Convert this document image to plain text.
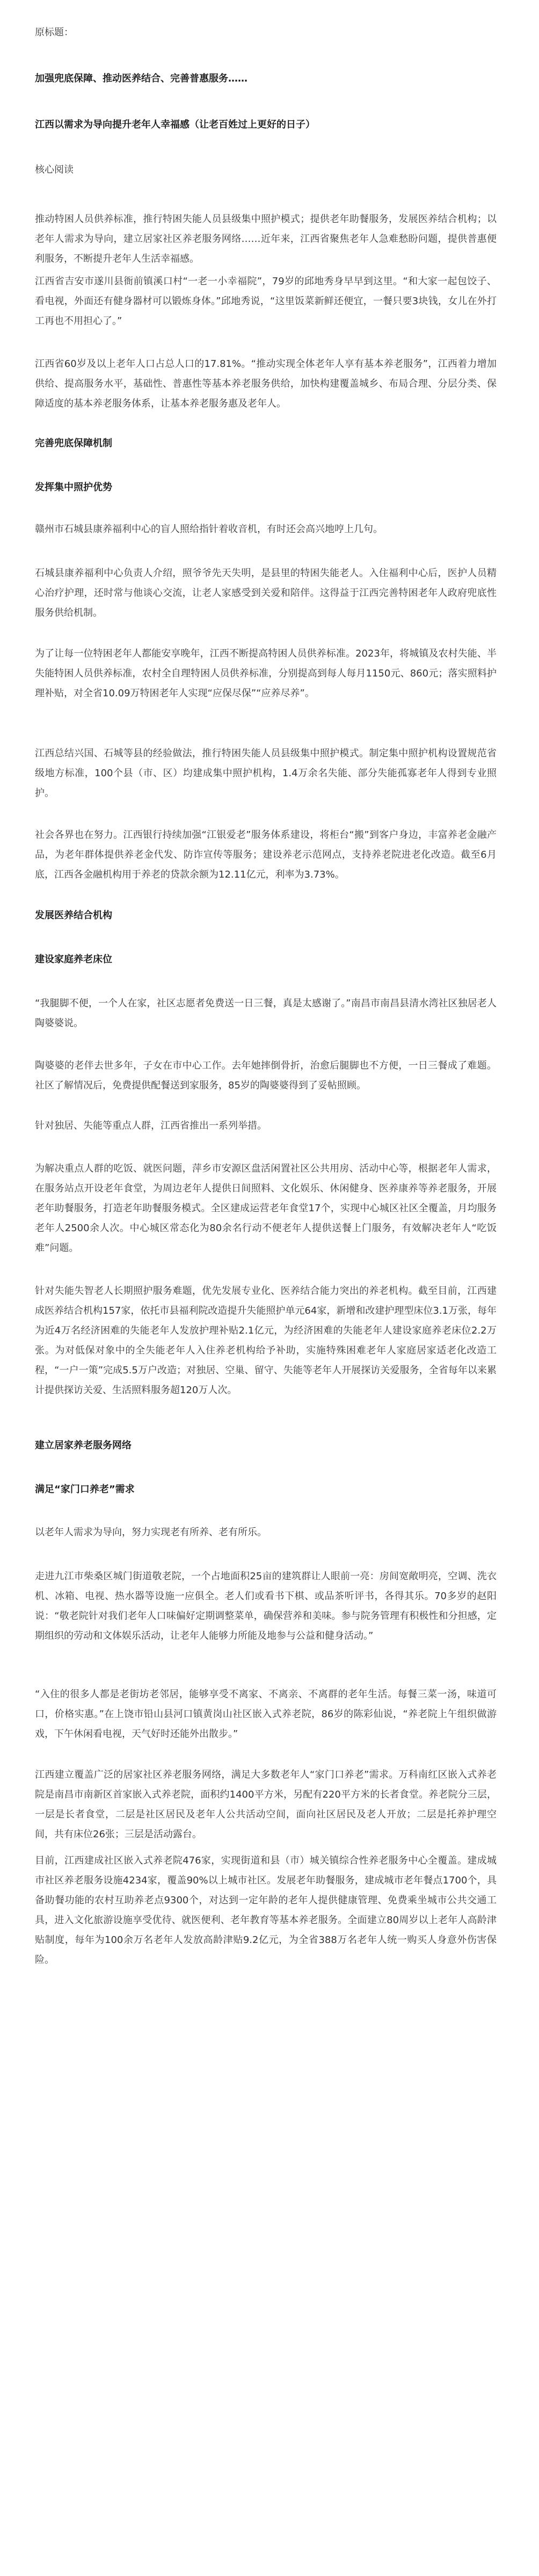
原标题：

加强兜底保障、推动医养结合、完善普惠服务……

江西以需求为导向提升老年人幸福感（让老百姓过上更好的日子）

核心阅读

推动特困人员供养标准，推行特困失能人员县级集中照护模式；提供老年助餐服务，发展医养结合机构；以老年人需求为导向，建立居家社区养老服务网络……近年来，江西省聚焦老年人急难愁盼问题，提供普惠便利服务，不断提升老年人生活幸福感。

江西省吉安市遂川县衙前镇溪口村“一老一小幸福院”，79岁的邱地秀身早早到这里。“和大家一起包饺子、看电视，外面还有健身器材可以锻炼身体。”邱地秀说，“这里饭菜新鲜还便宜，一餐只要3块钱，女儿在外打工再也不用担心了。”

江西省60岁及以上老年人口占总人口的17.81%。“推动实现全体老年人享有基本养老服务”，江西着力增加供给、提高服务水平，基础性、普惠性等基本养老服务供给，加快构建覆盖城乡、布局合理、分层分类、保障适度的基本养老服务体系，让基本养老服务惠及老年人。

完善兜底保障机制

发挥集中照护优势

赣州市石城县康养福利中心的盲人照给指针着收音机，有时还会高兴地哼上几句。

石城县康养福利中心负责人介绍，照爷爷先天失明，是县里的特困失能老人。入住福利中心后，医护人员精心治疗护理，还时常与他谈心交流，让老人家感受到关爱和陪伴。这得益于江西完善特困老年人政府兜底性服务供给机制。

为了让每一位特困老年人都能安享晚年，江西不断提高特困人员供养标准。2023年，将城镇及农村失能、半失能特困人员供养标准，农村全自理特困人员供养标准，分别提高到每人每月1150元、860元；落实照料护理补贴，对全省10.09万特困老年人实现“应保尽保”“应养尽养”。

江西总结兴国、石城等县的经验做法，推行特困失能人员县级集中照护模式。制定集中照护机构设置规范省级地方标准，100个县（市、区）均建成集中照护机构，1.4万余名失能、部分失能孤寡老年人得到专业照护。

社会各界也在努力。江西银行持续加强“江银爱老”服务体系建设，将柜台“搬”到客户身边，丰富养老金融产品，为老年群体提供养老金代发、防诈宣传等服务；建设养老示范网点，支持养老院进老化改造。截至6月底，江西各金融机构用于养老的贷款余额为12.11亿元，利率为3.73%。

发展医养结合机构

建设家庭养老床位

“我腿脚不便，一个人在家，社区志愿者免费送一日三餐，真是太感谢了。”南昌市南昌县清水湾社区独居老人陶婆婆说。

陶婆婆的老伴去世多年，子女在市中心工作。去年她摔倒骨折，治愈后腿脚也不方便，一日三餐成了难题。社区了解情况后，免费提供配餐送到家服务，85岁的陶婆婆得到了妥帖照顾。

针对独居、失能等重点人群，江西省推出一系列举措。

为解决重点人群的吃饭、就医问题，萍乡市安源区盘活闲置社区公共用房、活动中心等，根据老年人需求，在服务站点开设老年食堂，为周边老年人提供日间照料、文化娱乐、休闲健身、医养康养等养老服务，开展老年助餐服务，打造老年助餐服务模式。全区建成运营老年食堂17个，实现中心城区社区全覆盖，月均服务老年人2500余人次。中心城区常态化为80余名行动不便老年人提供送餐上门服务，有效解决老年人“吃饭难”问题。

针对失能失智老人长期照护服务难题，优先发展专业化、医养结合能力突出的养老机构。截至目前，江西建成医养结合机构157家，依托市县福利院改造提升失能照护单元64家，新增和改建护理型床位3.1万张，每年为近4万名经济困难的失能老年人发放护理补贴2.1亿元，为经济困难的失能老年人建设家庭养老床位2.2万张。为对低保对象中的全失能老年人入住养老机构给予补助，实施特殊困难老年人家庭居家适老化改造工程，“一户一策”完成5.5万户改造；对独居、空巢、留守、失能等老年人开展探访关爱服务，全省每年以来累计提供探访关爱、生活照料服务超120万人次。

建立居家养老服务网络

满足“家门口养老”需求

以老年人需求为导向，努力实现老有所养、老有所乐。

走进九江市柴桑区城门街道敬老院，一个占地面积25亩的建筑群让人眼前一亮：房间宽敞明亮，空调、洗衣机、冰箱、电视、热水器等设施一应俱全。老人们或看书下棋、或品茶听评书，各得其乐。70多岁的赵阳说：“敬老院针对我们老年人口味偏好定期调整菜单，确保营养和美味。参与院务管理有积极性和分担感，定期组织的劳动和文体娱乐活动，让老年人能够力所能及地参与公益和健身活动。”

“入住的很多人都是老街坊老邻居，能够享受不离家、不离亲、不离群的老年生活。每餐三菜一汤，味道可口，价格实惠。”在上饶市铅山县河口镇黄岗山社区嵌入式养老院，86岁的陈彩仙说，“养老院上午组织做游戏，下午休闲看电视，天气好时还能外出散步。”

江西建立覆盖广泛的居家社区养老服务网络，满足大多数老年人“家门口养老”需求。万科南红区嵌入式养老院是南昌市南新区首家嵌入式养老院，面积约1400平方米，另配有220平方米的长者食堂。养老院分三层，一层是长者食堂，二层是社区居民及老年人公共活动空间，面向社区居民及老人开放；二层是托养护理空间，共有床位26张；三层是活动露台。

目前，江西建成社区嵌入式养老院476家，实现街道和县（市）城关镇综合性养老服务中心全覆盖。建成城市社区养老服务设施4234家，覆盖90%以上城市社区。发展老年助餐服务，建成城市老年餐点1700个，具备助餐功能的农村互助养老点9300个，对达到一定年龄的老年人提供健康管理、免费乘坐城市公共交通工具，进入文化旅游设施享受优待、就医便利、老年教育等基本养老服务。全面建立80周岁以上老年人高龄津贴制度，每年为100余万名老年人发放高龄津贴9.2亿元，为全省388万名老年人统一购买人身意外伤害保险。
